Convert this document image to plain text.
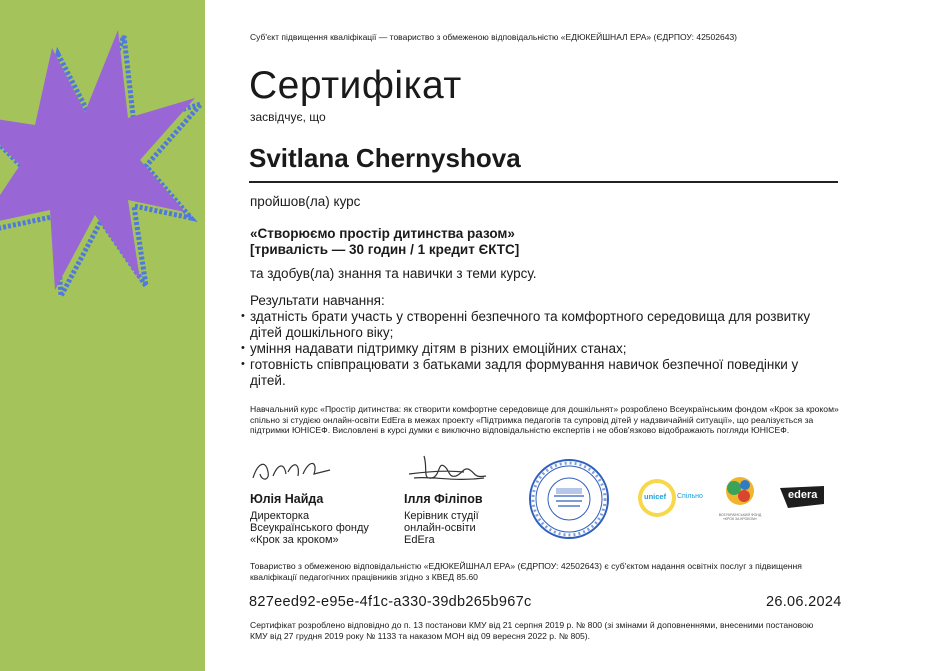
Суб'єкт підвищення кваліфікації — товариство з обмеженою відповідальністю «ЕДЮКЕЙШНАЛ ЕРА» (ЄДРПОУ: 42502643)
Сертифікат
засвідчує, що
Svitlana Chernyshova
пройшов(ла) курс
«Створюємо простір дитинства разом»
[тривалість — 30 годин / 1 кредит ЄКТС]
та здобув(ла) знання та навички з теми курсу.
Результати навчання:
• здатність брати участь у створенні безпечного та комфортного середовища для розвитку дітей дошкільного віку;
• уміння надавати підтримку дітям в різних емоційних станах;
• готовність співпрацювати з батьками задля формування навичок безпечної поведінки у дітей.
Навчальний курс «Простір дитинства: як створити комфортне середовище для дошкільнят» розроблено Всеукраїнським фондом «Крок за кроком» спільно зі студією онлайн-освіти EdEra в межах проекту «Підтримка педагогів та супровід дітей у надзвичайній ситуації», що реалізується за підтримки ЮНІСЕФ. Висловлені в курсі думки є виключно відповідальністю експертів і не обов'язково відображають погляди ЮНІСЕФ.
Юлія Найда
Директорка
Всеукраїнського фонду
«Крок за кроком»
Ілля Філіпов
Керівник студії
онлайн-освіти
EdEra
unicef Спільно
ВСЕУКРАЇНСЬКИЙ ФОНД «КРОК ЗА КРОКОМ»
edera
Товариство з обмеженою відповідальністю «ЕДЮКЕЙШНАЛ ЕРА» (ЄДРПОУ: 42502643) є суб'єктом надання освітніх послуг з підвищення кваліфікації педагогічних працівників згідно з КВЕД 85.60
827eed92-e95e-4f1c-a330-39db265b967c	26.06.2024
Сертифікат розроблено відповідно до п. 13 постанови КМУ від 21 серпня 2019 р. № 800 (зі змінами й доповненнями, внесеними постановою КМУ від 27 грудня 2019 року № 1133 та наказом МОН від 09 вересня 2022 р. № 805).
